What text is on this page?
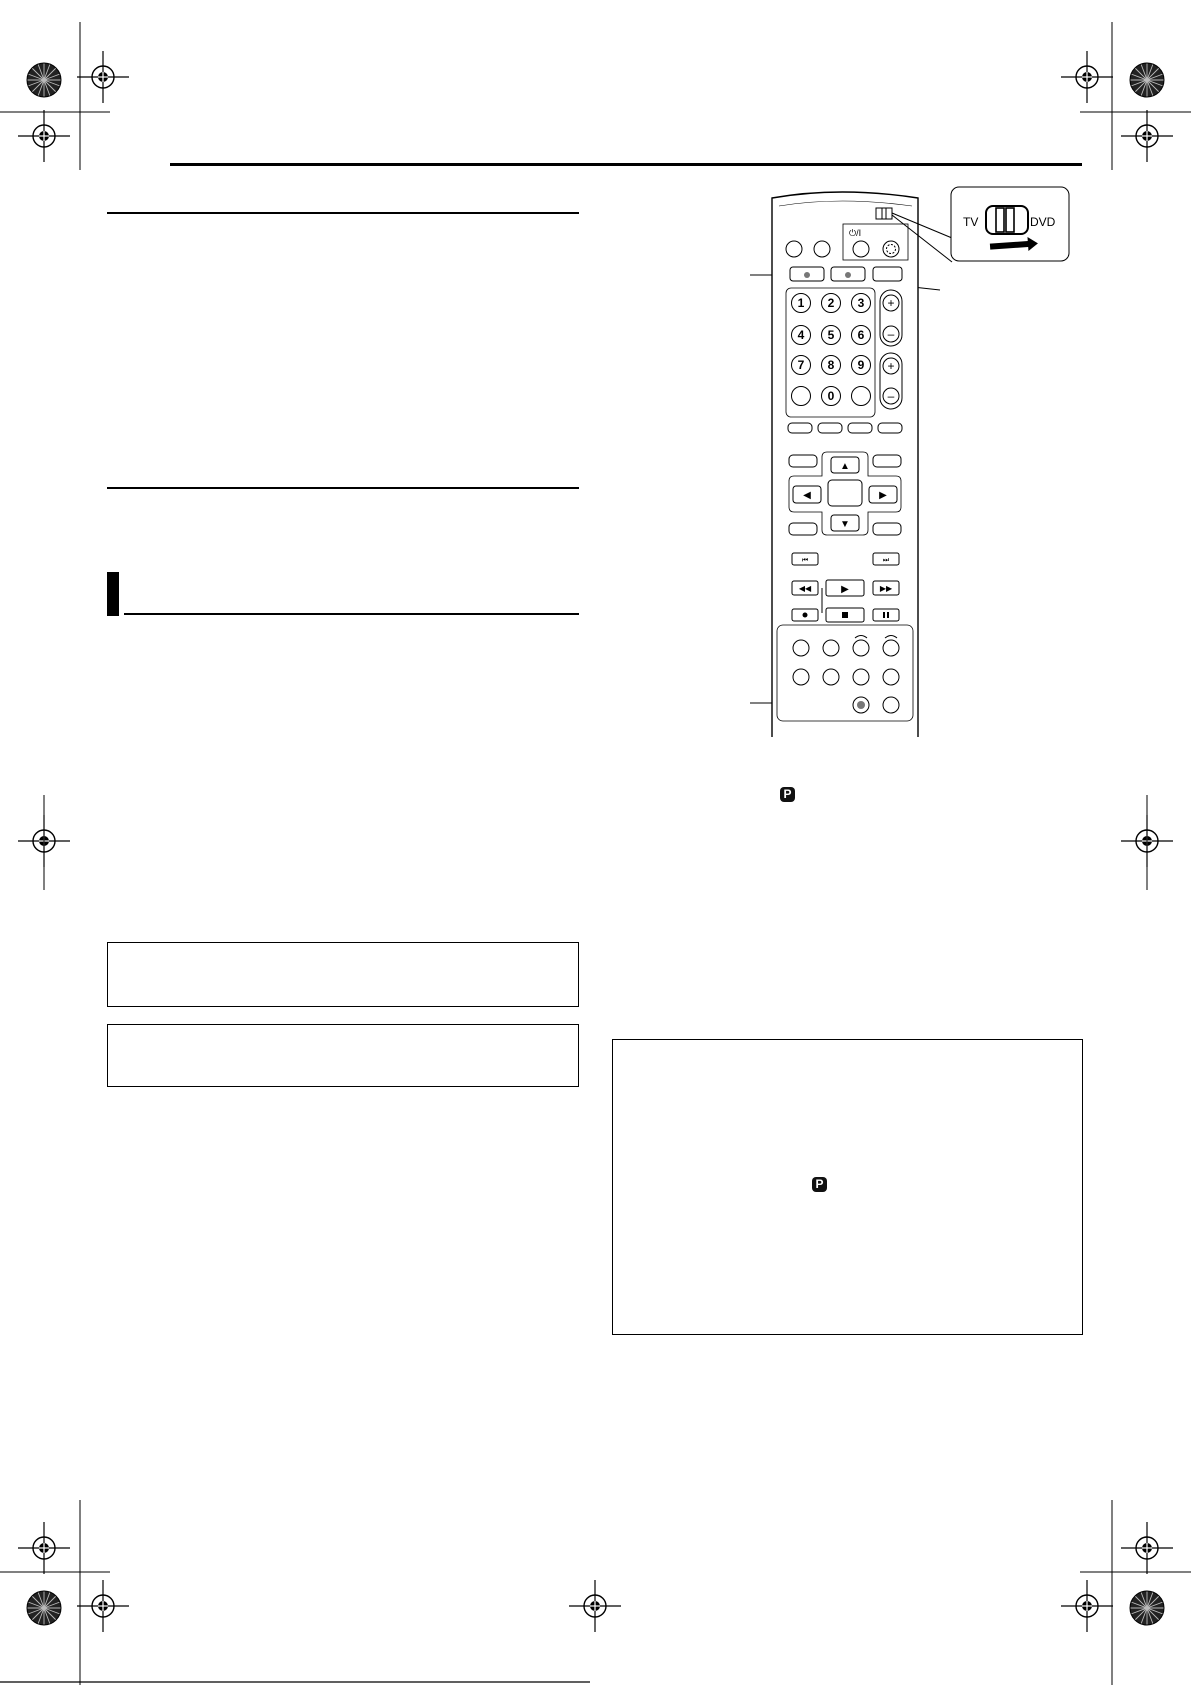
P
P
⏻/I
1 2 3
4 5 6
7 8 9
0
+
–
+
–
▲
▼
◀	▶
⏮	⏭
◀◀	▶	▶▶
TV	DVD
